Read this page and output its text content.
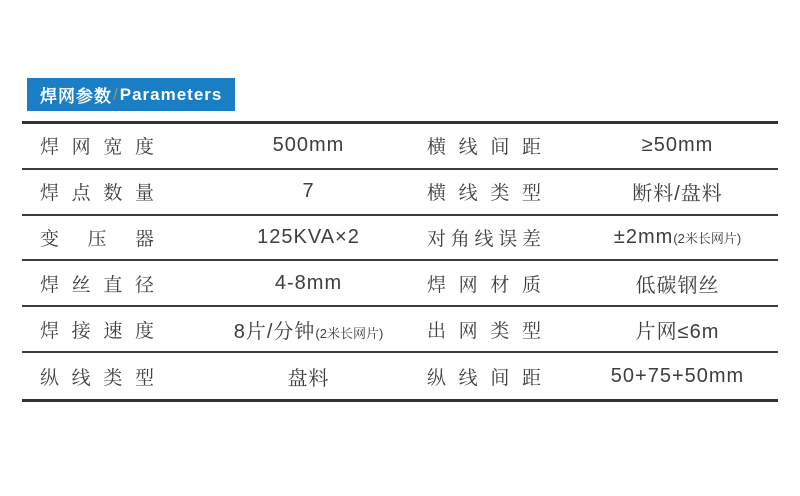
焊网参数 / Parameters
焊网宽度	500mm	横线间距	≥50mm
焊点数量	7	横线类型	断料/盘料
变压器	125KVA×2	对角线误差	±2mm(2米长网片)
焊丝直径	4-8mm	焊网材质	低碳钢丝
焊接速度	8片/分钟(2米长网片)	出网类型	片网≤6m
纵线类型	盘料	纵线间距	50+75+50mm
